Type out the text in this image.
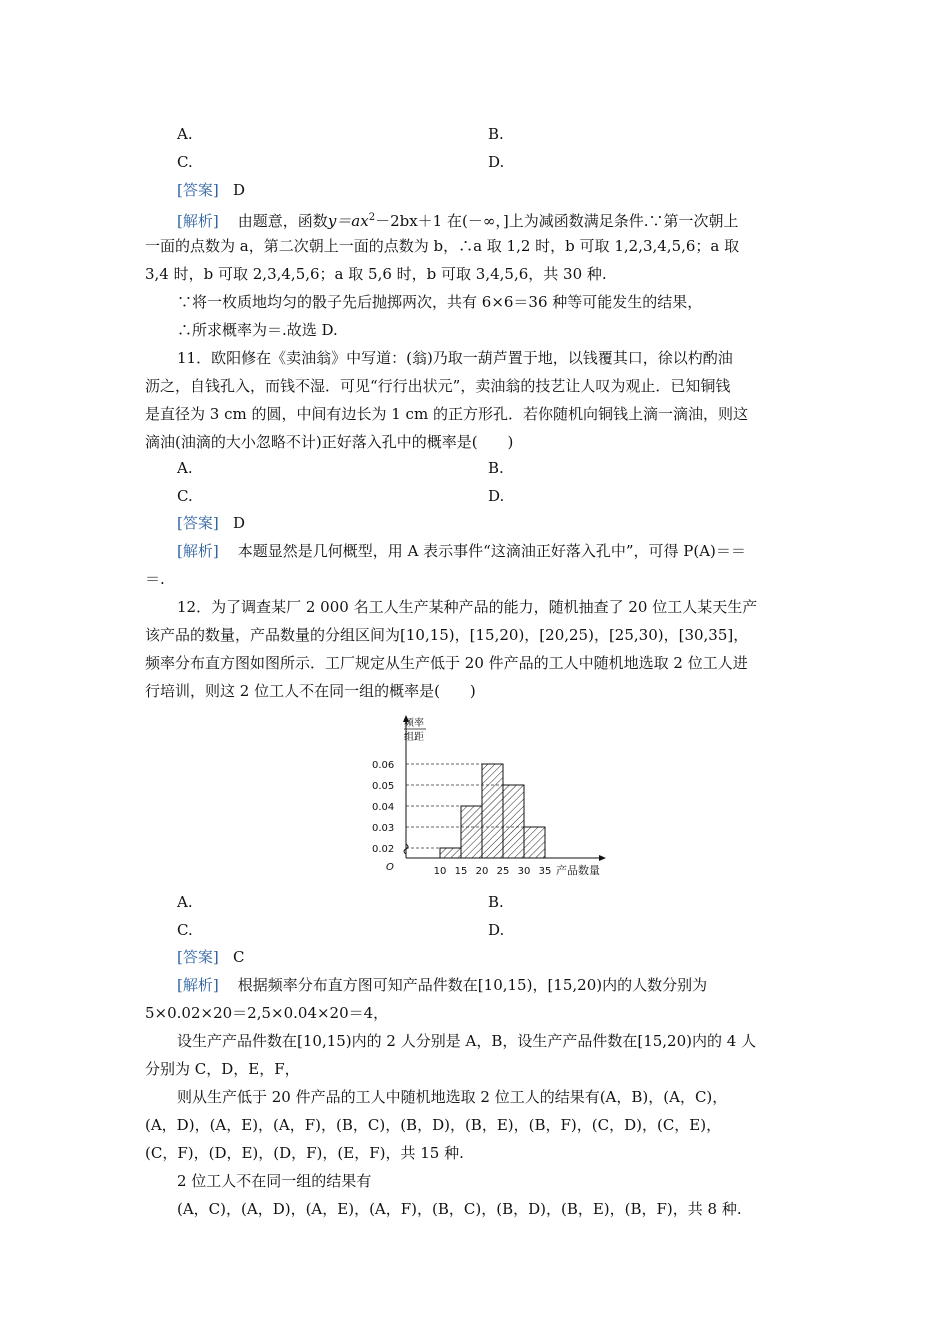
A.	B.
C.	D.
[答案] D
[解析] 由题意，函数$y=ax^2-2bx+1$ 在(－∞，]上为减函数满足条件.∵第一次朝上
一面的点数为 a，第二次朝上一面的点数为 b，∴a 取 1,2 时，b 可取 1,2,3,4,5,6；a 取
3,4 时，b 可取 2,3,4,5,6；a 取 5,6 时，b 可取 3,4,5,6，共 30 种.
∵将一枚质地均匀的骰子先后抛掷两次，共有 6×6＝36 种等可能发生的结果，
∴所求概率为＝.故选 D.
11．欧阳修在《卖油翁》中写道：(翁)乃取一葫芦置于地，以钱覆其口，徐以杓酌油
沥之，自钱孔入，而钱不湿．可见“行行出状元”，卖油翁的技艺让人叹为观止．已知铜钱
是直径为 3 cm 的圆，中间有边长为 1 cm 的正方形孔．若你随机向铜钱上滴一滴油，则这
滴油(油滴的大小忽略不计)正好落入孔中的概率是(　　)
A.	B.
C.	D.
[答案] D
[解析] 本题显然是几何概型，用 A 表示事件“这滴油正好落入孔中”，可得 P(A)＝＝
＝.
12．为了调查某厂 2 000 名工人生产某种产品的能力，随机抽查了 20 位工人某天生产
该产品的数量，产品数量的分组区间为[10,15)，[15,20)，[20,25)，[25,30)，[30,35]，
频率分布直方图如图所示．工厂规定从生产低于 20 件产品的工人中随机地选取 2 位工人进
行培训，则这 2 位工人不在同一组的概率是(　　)
0.02
0.03
0.04
0.05
0.06
10 15 20 25 30 35
O	产品数量
频率
组距
A.	B.
C.	D.
[答案] C
[解析] 根据频率分布直方图可知产品件数在[10,15)，[15,20)内的人数分别为
5×0.02×20＝2,5×0.04×20＝4，
设生产产品件数在[10,15)内的 2 人分别是 A，B，设生产产品件数在[15,20)内的 4 人
分别为 C，D，E，F，
则从生产低于 20 件产品的工人中随机地选取 2 位工人的结果有(A，B)，(A，C)，
(A，D)，(A，E)，(A，F)，(B，C)，(B，D)，(B，E)，(B，F)，(C，D)，(C，E)，
(C，F)，(D，E)，(D，F)，(E，F)，共 15 种.
2 位工人不在同一组的结果有
(A，C)，(A，D)，(A，E)，(A，F)，(B，C)，(B，D)，(B，E)，(B，F)，共 8 种.
